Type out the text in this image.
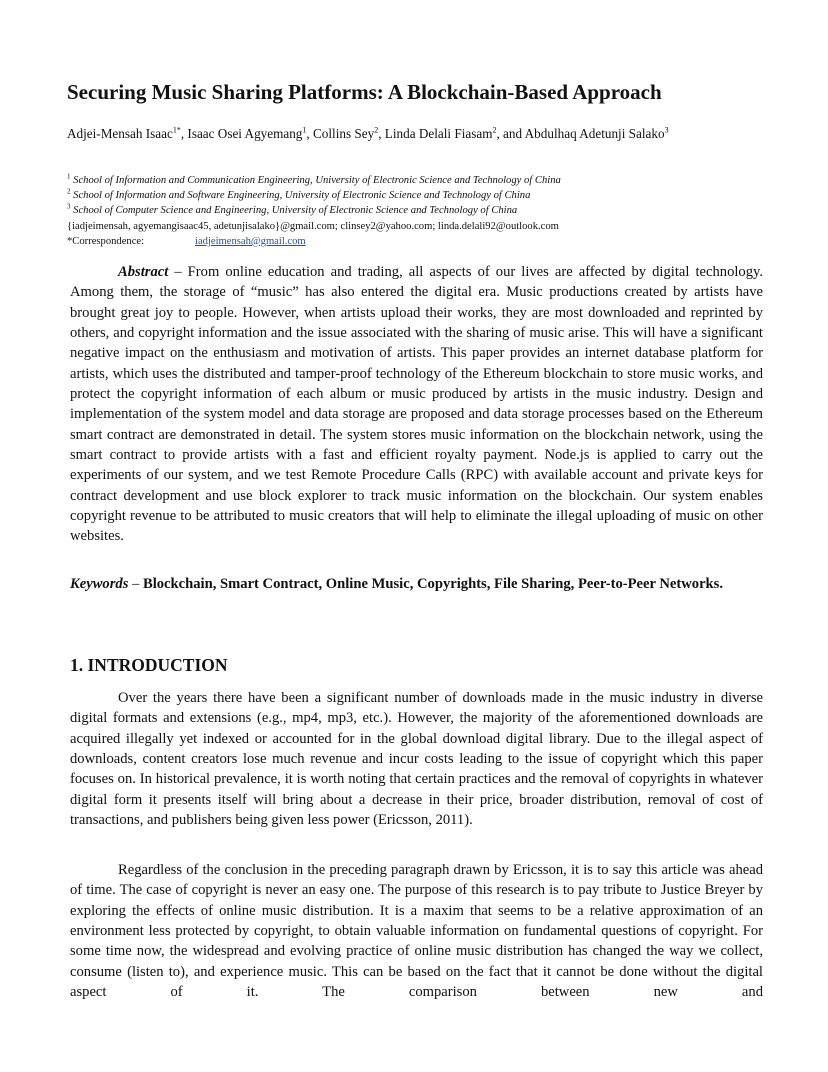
Securing Music Sharing Platforms: A Blockchain-Based Approach
Adjei-Mensah Isaac$^{1*}$, Isaac Osei Agyemang$^1$, Collins Sey$^2$, Linda Delali Fiasam$^2$, and Abdulhaq Adetunji Salako$^3$
$^1$ School of Information and Communication Engineering, University of Electronic Science and Technology of China
$^2$ School of Information and Software Engineering, University of Electronic Science and Technology of China
$^3$ School of Computer Science and Engineering, University of Electronic Science and Technology of China
{iadjeimensah, agyemangisaac45, adetunjisalako}@gmail.com; clinsey2@yahoo.com; linda.delali92@outlook.com
*Correspondence:	iadjeimensah@gmail.com

Abstract – From online education and trading, all aspects of our lives are affected by digital technology. Among them, the storage of “music” has also entered the digital era. Music productions created by artists have brought great joy to people. However, when artists upload their works, they are most downloaded and reprinted by others, and copyright information and the issue associated with the sharing of music arise. This will have a significant negative impact on the enthusiasm and motivation of artists. This paper provides an internet database platform for artists, which uses the distributed and tamper-proof technology of the Ethereum blockchain to store music works, and protect the copyright information of each album or music produced by artists in the music industry. Design and implementation of the system model and data storage are proposed and data storage processes based on the Ethereum smart contract are demonstrated in detail. The system stores music information on the blockchain network, using the smart contract to provide artists with a fast and efficient royalty payment. Node.js is applied to carry out the experiments of our system, and we test Remote Procedure Calls (RPC) with available account and private keys for contract development and use block explorer to track music information on the blockchain. Our system enables copyright revenue to be attributed to music creators that will help to eliminate the illegal uploading of music on other websites.

Keywords – Blockchain, Smart Contract, Online Music, Copyrights, File Sharing, Peer-to-Peer Networks.

1. INTRODUCTION

Over the years there have been a significant number of downloads made in the music industry in diverse digital formats and extensions (e.g., mp4, mp3, etc.). However, the majority of the aforementioned downloads are acquired illegally yet indexed or accounted for in the global download digital library. Due to the illegal aspect of downloads, content creators lose much revenue and incur costs leading to the issue of copyright which this paper focuses on. In historical prevalence, it is worth noting that certain practices and the removal of copyrights in whatever digital form it presents itself will bring about a decrease in their price, broader distribution, removal of cost of transactions, and publishers being given less power (Ericsson, 2011).

Regardless of the conclusion in the preceding paragraph drawn by Ericsson, it is to say this article was ahead of time. The case of copyright is never an easy one. The purpose of this research is to pay tribute to Justice Breyer by exploring the effects of online music distribution. It is a maxim that seems to be a relative approximation of an environment less protected by copyright, to obtain valuable information on fundamental questions of copyright. For some time now, the widespread and evolving practice of online music distribution has changed the way we collect, consume (listen to), and experience music. This can be based on the fact that it cannot be done without the digital aspect of it. The comparison between new and
